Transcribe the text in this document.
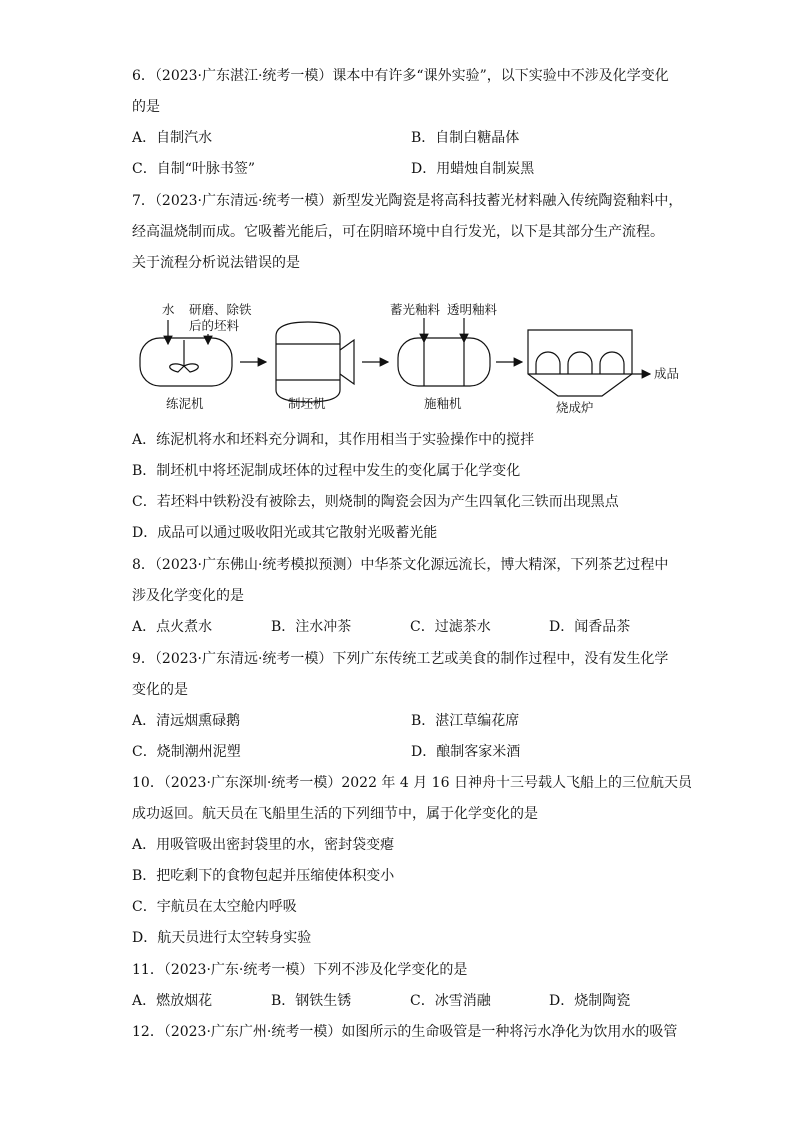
6．（2023·广东湛江·统考一模）课本中有许多“课外实验”，以下实验中不涉及化学变化
的是
A．自制汽水	B．自制白糖晶体
C．自制“叶脉书签”	D．用蜡烛自制炭黑
7．（2023·广东清远·统考一模）新型发光陶瓷是将高科技蓄光材料融入传统陶瓷釉料中，
经高温烧制而成。它吸蓄光能后，可在阴暗环境中自行发光，以下是其部分生产流程。
关于流程分析说法错误的是
水 研磨、除铁
后的坯料
蓄光釉料 透明釉料
练泥机	制坯机	施釉机	烧成炉
成品
A．练泥机将水和坯料充分调和，其作用相当于实验操作中的搅拌
B．制坯机中将坯泥制成坯体的过程中发生的变化属于化学变化
C．若坯料中铁粉没有被除去，则烧制的陶瓷会因为产生四氧化三铁而出现黑点
D．成品可以通过吸收阳光或其它散射光吸蓄光能
8．（2023·广东佛山·统考模拟预测）中华茶文化源远流长，博大精深，下列茶艺过程中
涉及化学变化的是
A．点火煮水	B．注水冲茶	C．过滤茶水	D．闻香品茶
9．（2023·广东清远·统考一模）下列广东传统工艺或美食的制作过程中，没有发生化学
变化的是
A．清远烟熏碌鹅	B．湛江草编花席
C．烧制潮州泥塑	D．酿制客家米酒
10．（2023·广东深圳·统考一模）2022 年 4 月 16 日神舟十三号载人飞船上的三位航天员
成功返回。航天员在飞船里生活的下列细节中，属于化学变化的是
A．用吸管吸出密封袋里的水，密封袋变瘪
B．把吃剩下的食物包起并压缩使体积变小
C．宇航员在太空舱内呼吸
D．航天员进行太空转身实验
11．（2023·广东·统考一模）下列不涉及化学变化的是
A．燃放烟花	B．钢铁生锈	C．冰雪消融	D．烧制陶瓷
12．（2023·广东广州·统考一模）如图所示的生命吸管是一种将污水净化为饮用水的吸管
